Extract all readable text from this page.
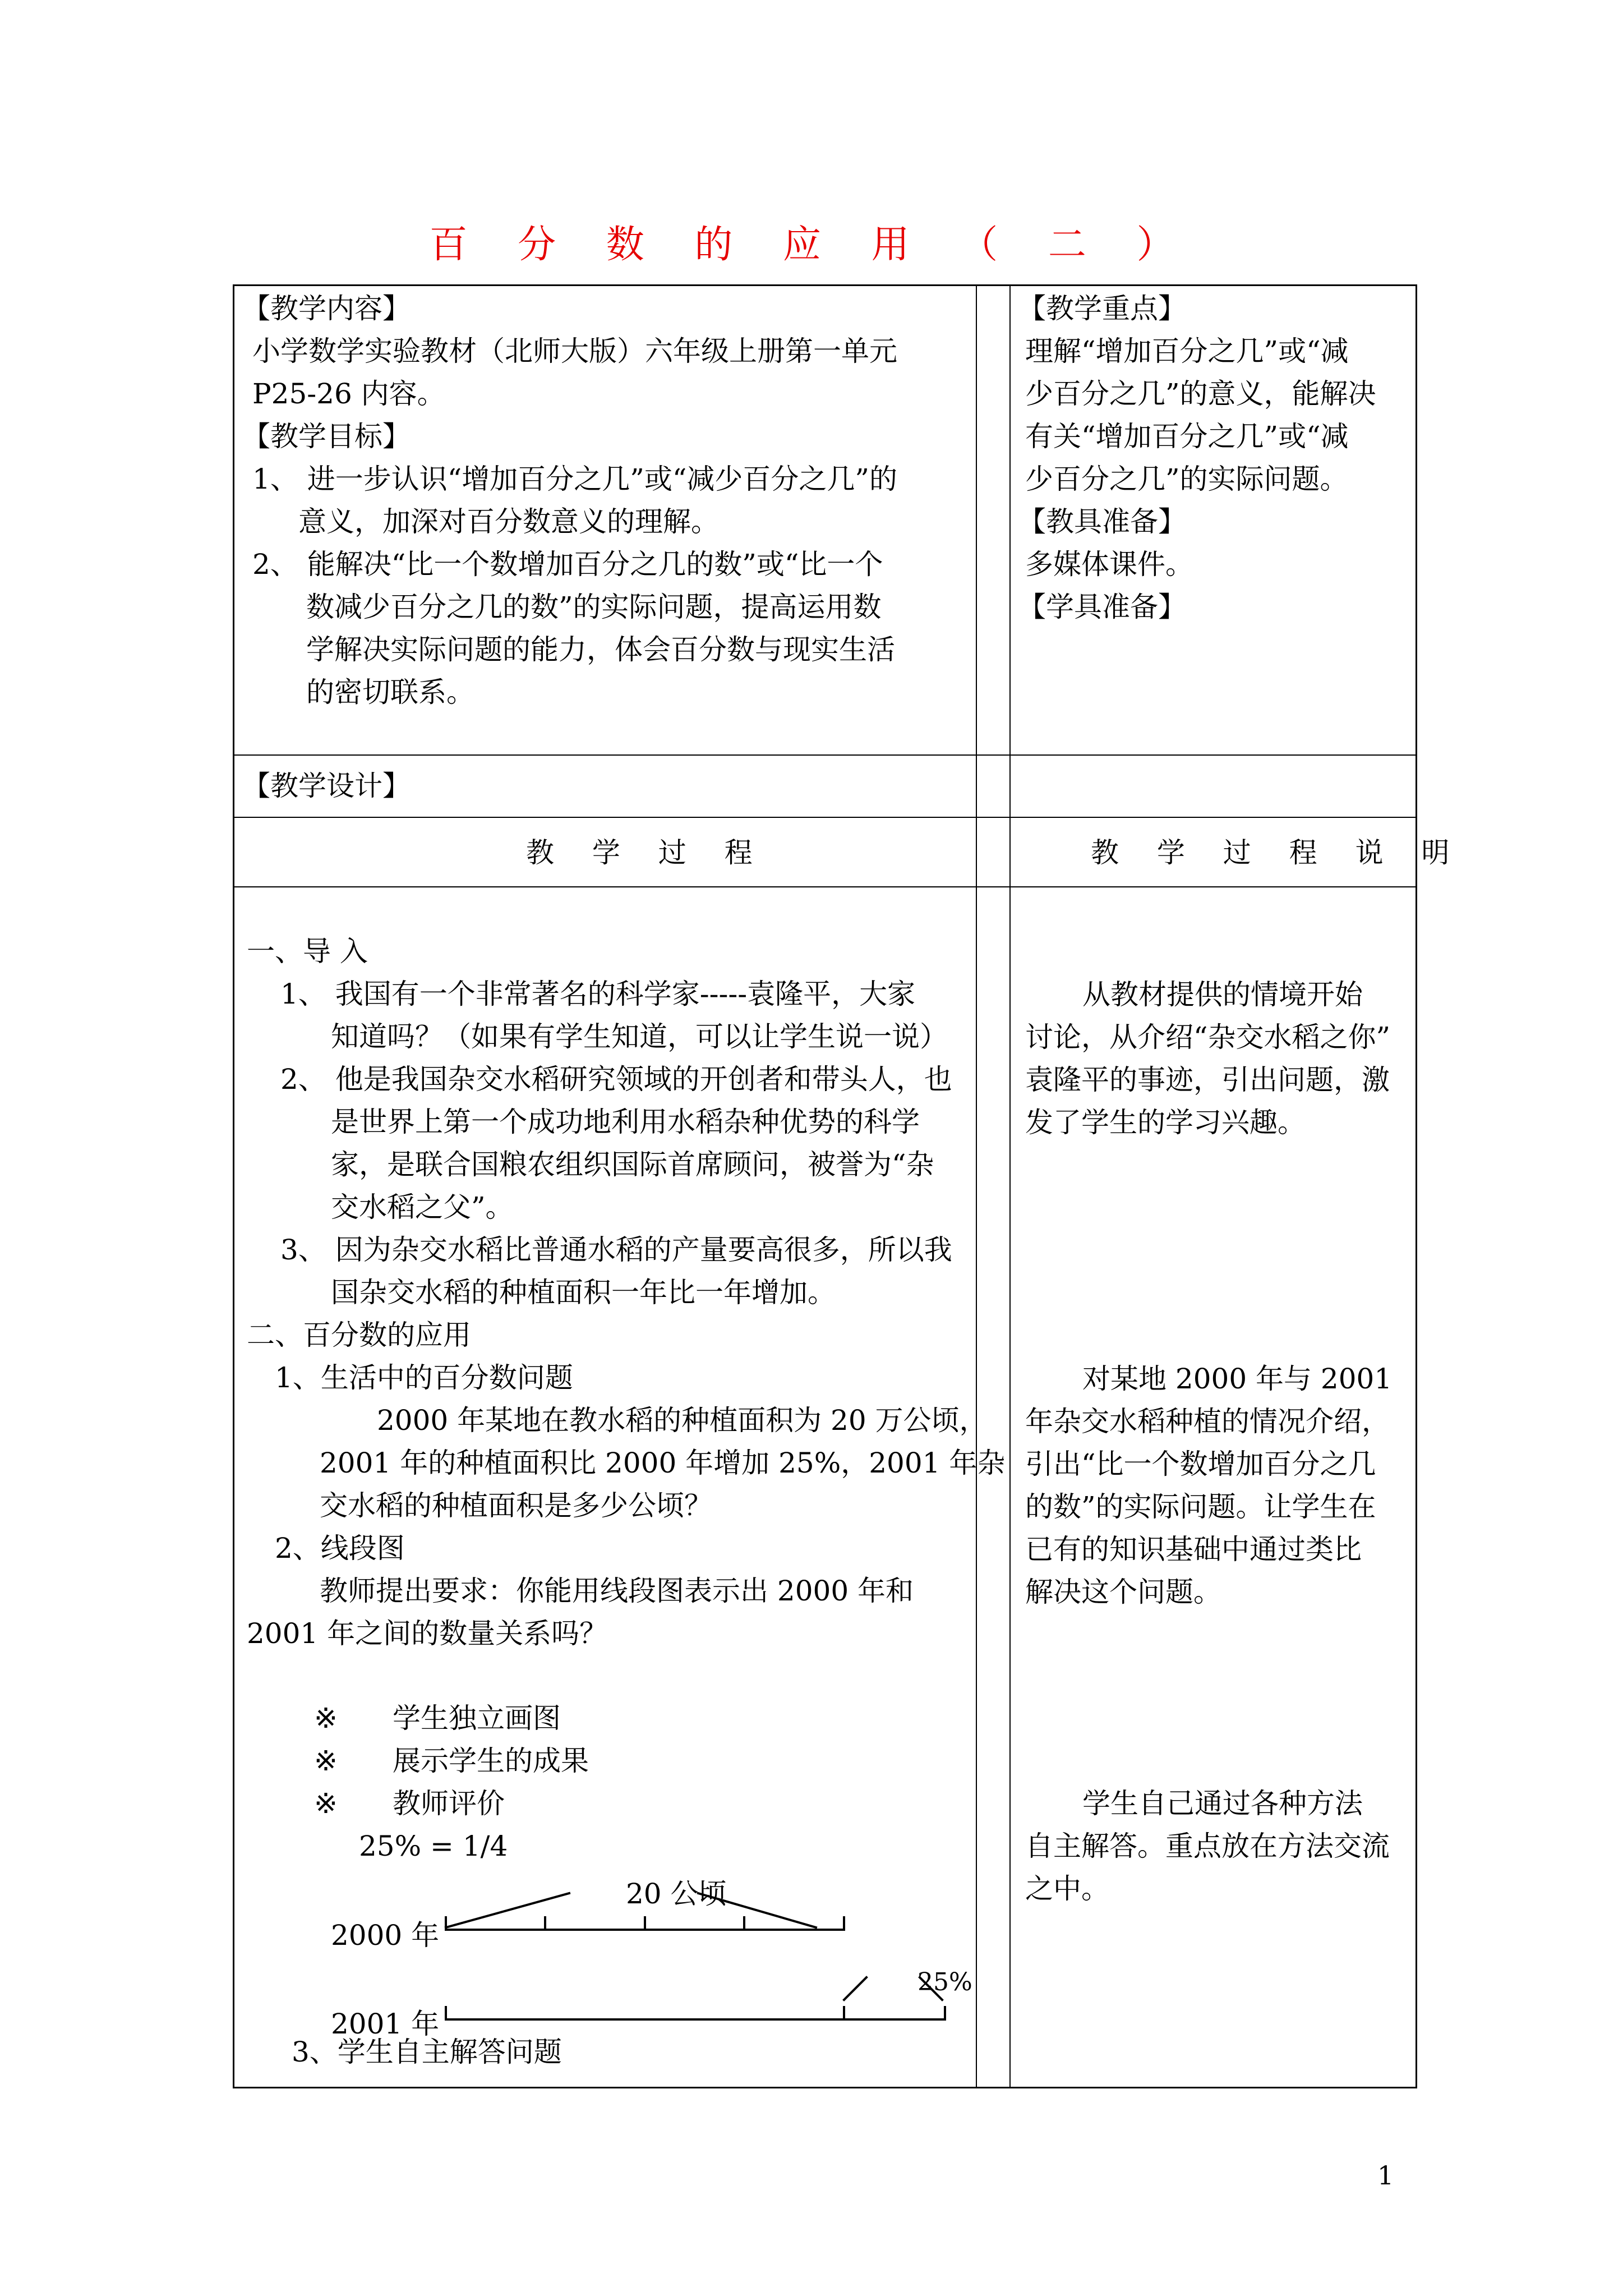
百 分 数 的 应 用 （ 二 ）
【教学内容】
小学数学实验教材（北师大版）六年级上册第一单元
P25-26 内容。
【教学目标】
1、 进一步认识“增加百分之几”或“减少百分之几”的
意义，加深对百分数意义的理解。
2、 能解决“比一个数增加百分之几的数”或“比一个
数减少百分之几的数”的实际问题，提高运用数
学解决实际问题的能力，体会百分数与现实生活
的密切联系。
【教学重点】
理解“增加百分之几”或“减
少百分之几”的意义，能解决
有关“增加百分之几”或“减
少百分之几”的实际问题。
【教具准备】
多媒体课件。
【学具准备】
【教学设计】
教 学 过 程	教 学 过 程 说 明
一、导 入
1、 我国有一个非常著名的科学家-----袁隆平，大家
知道吗？（如果有学生知道，可以让学生说一说）
2、 他是我国杂交水稻研究领域的开创者和带头人，也
是世界上第一个成功地利用水稻杂种优势的科学
家，是联合国粮农组织国际首席顾问，被誉为“杂
交水稻之父”。
3、 因为杂交水稻比普通水稻的产量要高很多，所以我
国杂交水稻的种植面积一年比一年增加。
二、百分数的应用
1、生活中的百分数问题
2000 年某地在教水稻的种植面积为 20 万公顷，
2001 年的种植面积比 2000 年增加 25%，2001 年杂
交水稻的种植面积是多少公顷？
2、线段图
教师提出要求：你能用线段图表示出 2000 年和
2001 年之间的数量关系吗？
※ 学生独立画图
※ 展示学生的成果
※ 教师评价
25% = 1/4
20 公顷
2000 年
2001 年
25%
3、学生自主解答问题
从教材提供的情境开始
讨论，从介绍“杂交水稻之你”
袁隆平的事迹，引出问题，激
发了学生的学习兴趣。
对某地 2000 年与 2001
年杂交水稻种植的情况介绍，
引出“比一个数增加百分之几
的数”的实际问题。让学生在
已有的知识基础中通过类比
解决这个问题。
学生自己通过各种方法
自主解答。重点放在方法交流
之中。
1
